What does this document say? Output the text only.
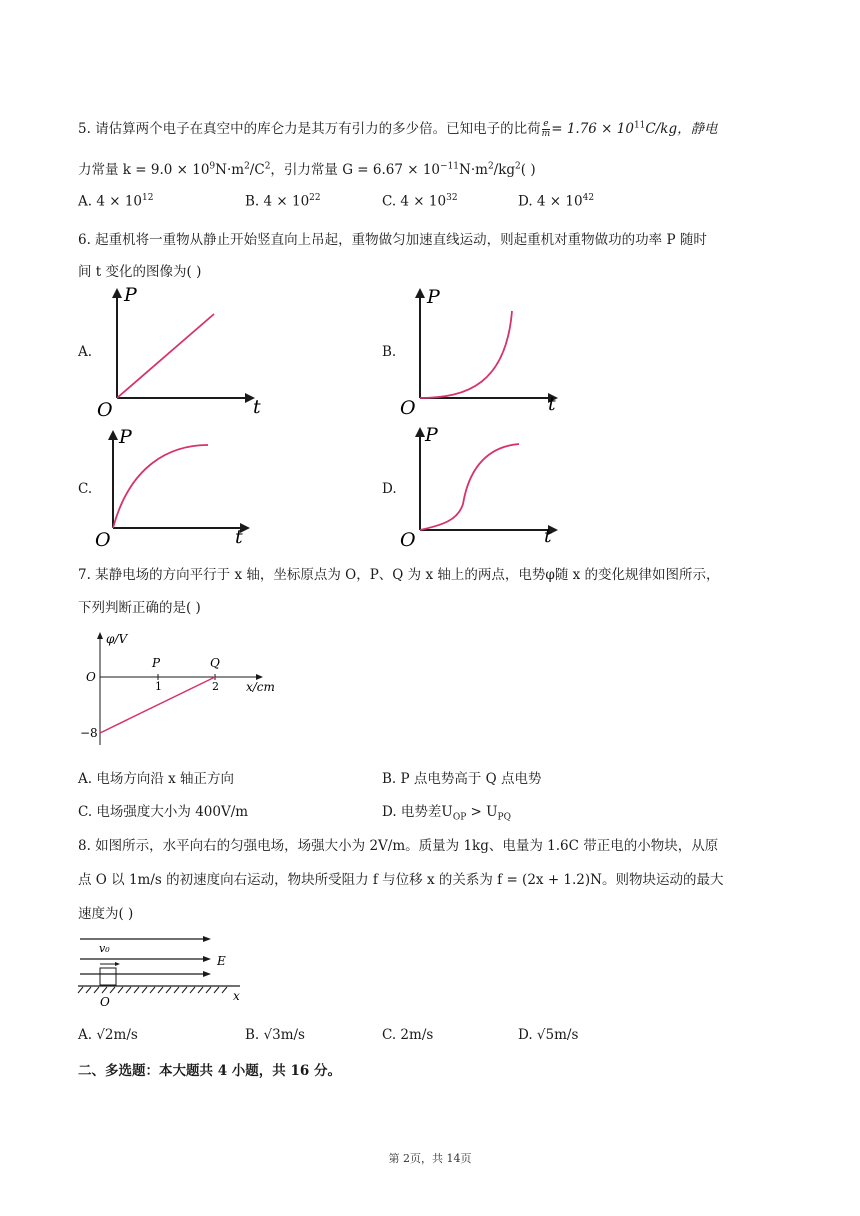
5. 请估算两个电子在真空中的库仑力是其万有引力的多少倍。已知电子的比荷 $\frac{e}{m} = 1.76 \times 10^{11}C/kg$，静电
力常量 $k = 9.0 \times 10^9N\cdot m^2/C^2$，引力常量 $G = 6.67 \times 10^{-11}N\cdot m^2/kg^2$( )
A. $4 \times 10^{12}$	B. $4 \times 10^{22}$	C. $4 \times 10^{32}$	D. $4 \times 10^{42}$
6. 起重机将一重物从静止开始竖直向上吊起，重物做匀加速直线运动，则起重机对重物做功的功率 P 随时
间 t 变化的图像为( )
A.	B.
C.	D.
P
t
O
P
t
O
P
t
O
P
t
O
7. 某静电场的方向平行于 x 轴，坐标原点为 O，P、Q 为 x 轴上的两点，电势φ随 x 的变化规律如图所示，
下列判断正确的是( )
φ/V
O
P	Q
1	2 x/cm
−8
A. 电场方向沿 x 轴正方向	B. P 点电势高于 Q 点电势
C. 电场强度大小为 400V/m	D. 电势差$U_{OP} > U_{PQ}$
8. 如图所示，水平向右的匀强电场，场强大小为 2V/m。质量为 1kg、电量为 1.6C 带正电的小物块，从原
点 O 以 1m/s 的初速度向右运动，物块所受阻力 f 与位移 x 的关系为 f = (2x + 1.2)N。则物块运动的最大
速度为( )
v₀
E
O	x
A. √2m/s	B. √3m/s	C. 2m/s	D. √5m/s
二、多选题：本大题共 4 小题，共 16 分。
第 2页，共 14页
